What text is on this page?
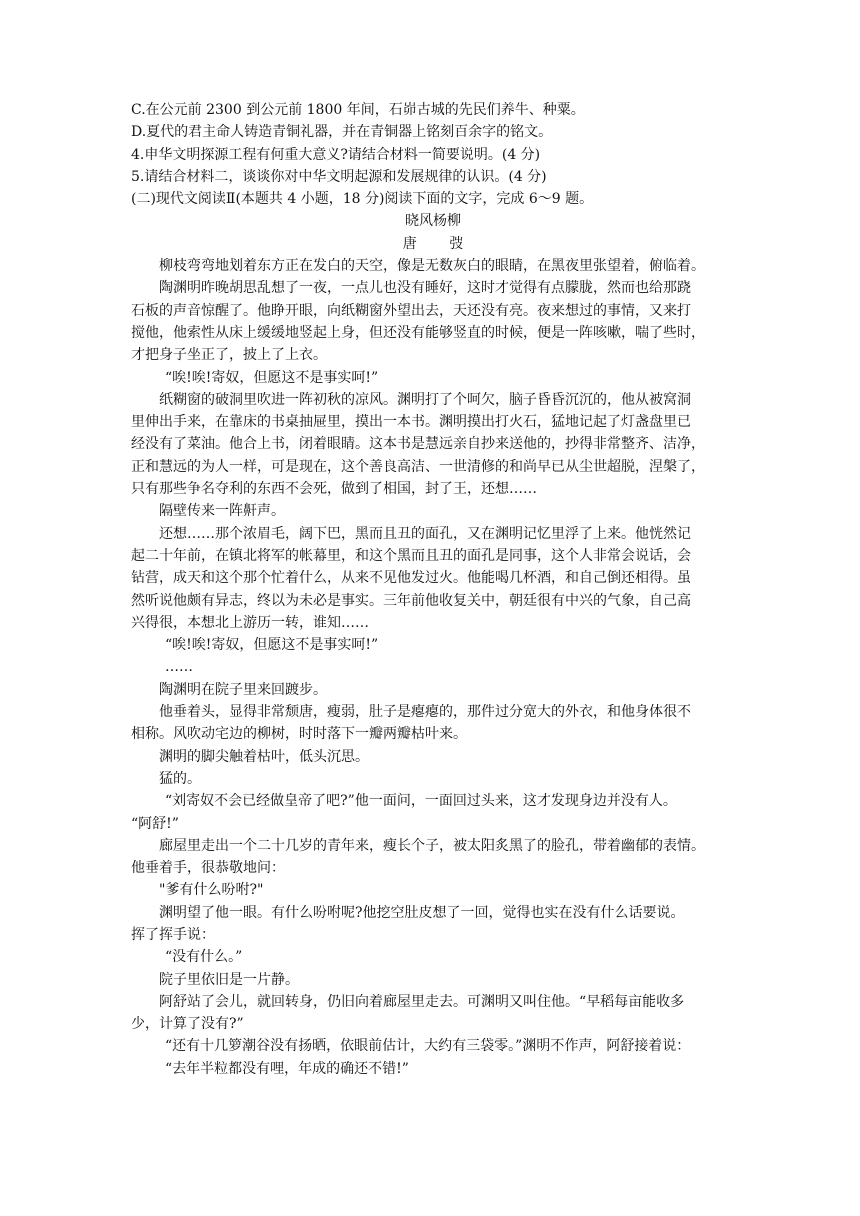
C.在公元前 2300 到公元前 1800 年间，石峁古城的先民们养牛、种粟。

D.夏代的君主命人铸造青铜礼器，并在青铜器上铭刻百余字的铭文。

4.申华文明探源工程有何重大意义?请结合材料一简要说明。(4 分)

5.请结合材料二，谈谈你对中华文明起源和发展规律的认识。(4 分)

(二)现代文阅读Ⅱ(本题共 4 小题，18 分)阅读下面的文字，完成 6～9 题。

晓风杨柳

唐 弢

柳枝弯弯地划着东方正在发白的天空，像是无数灰白的眼睛，在黑夜里张望着，俯临着。

陶渊明昨晚胡思乱想了一夜，一点儿也没有睡好，这时才觉得有点朦胧，然而也给那跷

石板的声音惊醒了。他睁开眼，向纸糊窗外望出去，天还没有亮。夜来想过的事情，又来打

搅他，他索性从床上缓缓地竖起上身，但还没有能够竖直的时候，便是一阵咳嗽，喘了些时，

才把身子坐正了，披上了上衣。

“唉!唉!寄奴，但愿这不是事实呵!”

纸糊窗的破洞里吹进一阵初秋的凉风。渊明打了个呵欠，脑子昏昏沉沉的，他从被窝洞

里伸出手来，在靠床的书桌抽屉里，摸出一本书。渊明摸出打火石，猛地记起了灯盏盘里已

经没有了菜油。他合上书，闭着眼睛。这本书是慧远亲自抄来送他的，抄得非常整齐、洁净，

正和慧远的为人一样，可是现在，这个善良高洁、一世清修的和尚早已从尘世超脱，涅槃了，

只有那些争名夺利的东西不会死，做到了相国，封了王，还想……

隔壁传来一阵鼾声。

还想……那个浓眉毛，阔下巴，黑而且丑的面孔，又在渊明记忆里浮了上来。他恍然记

起二十年前，在镇北将军的帐幕里，和这个黑而且丑的面孔是同事，这个人非常会说话，会

钻营，成天和这个那个忙着什么，从来不见他发过火。他能喝几杯酒，和自己倒还相得。虽

然听说他颇有异志，终以为未必是事实。三年前他收复关中，朝廷很有中兴的气象，自己高

兴得很，本想北上游历一转，谁知……

“唉!唉!寄奴，但愿这不是事实呵!”

……

陶渊明在院子里来回踱步。

他垂着头，显得非常颓唐，瘦弱，肚子是瘪瘪的，那件过分宽大的外衣，和他身体很不

相称。风吹动宅边的柳树，时时落下一瓣两瓣枯叶来。

渊明的脚尖触着枯叶，低头沉思。

猛的。

“刘寄奴不会已经做皇帝了吧?”他一面问，一面回过头来，这才发现身边并没有人。

“阿舒!”

廊屋里走出一个二十几岁的青年来，瘦长个子，被太阳炙黑了的脸孔，带着幽郁的表情。

他垂着手，很恭敬地问：

"爹有什么吩咐?"

渊明望了他一眼。有什么吩咐呢?他挖空肚皮想了一回，觉得也实在没有什么话要说。

挥了挥手说：

“没有什么。”

院子里依旧是一片静。

阿舒站了会儿，就回转身，仍旧向着廊屋里走去。可渊明又叫住他。“早稻每亩能收多

少，计算了没有?”

“还有十几箩潮谷没有扬晒，依眼前估计，大约有三袋零。”渊明不作声，阿舒接着说：

“去年半粒都没有哩，年成的确还不错!”
